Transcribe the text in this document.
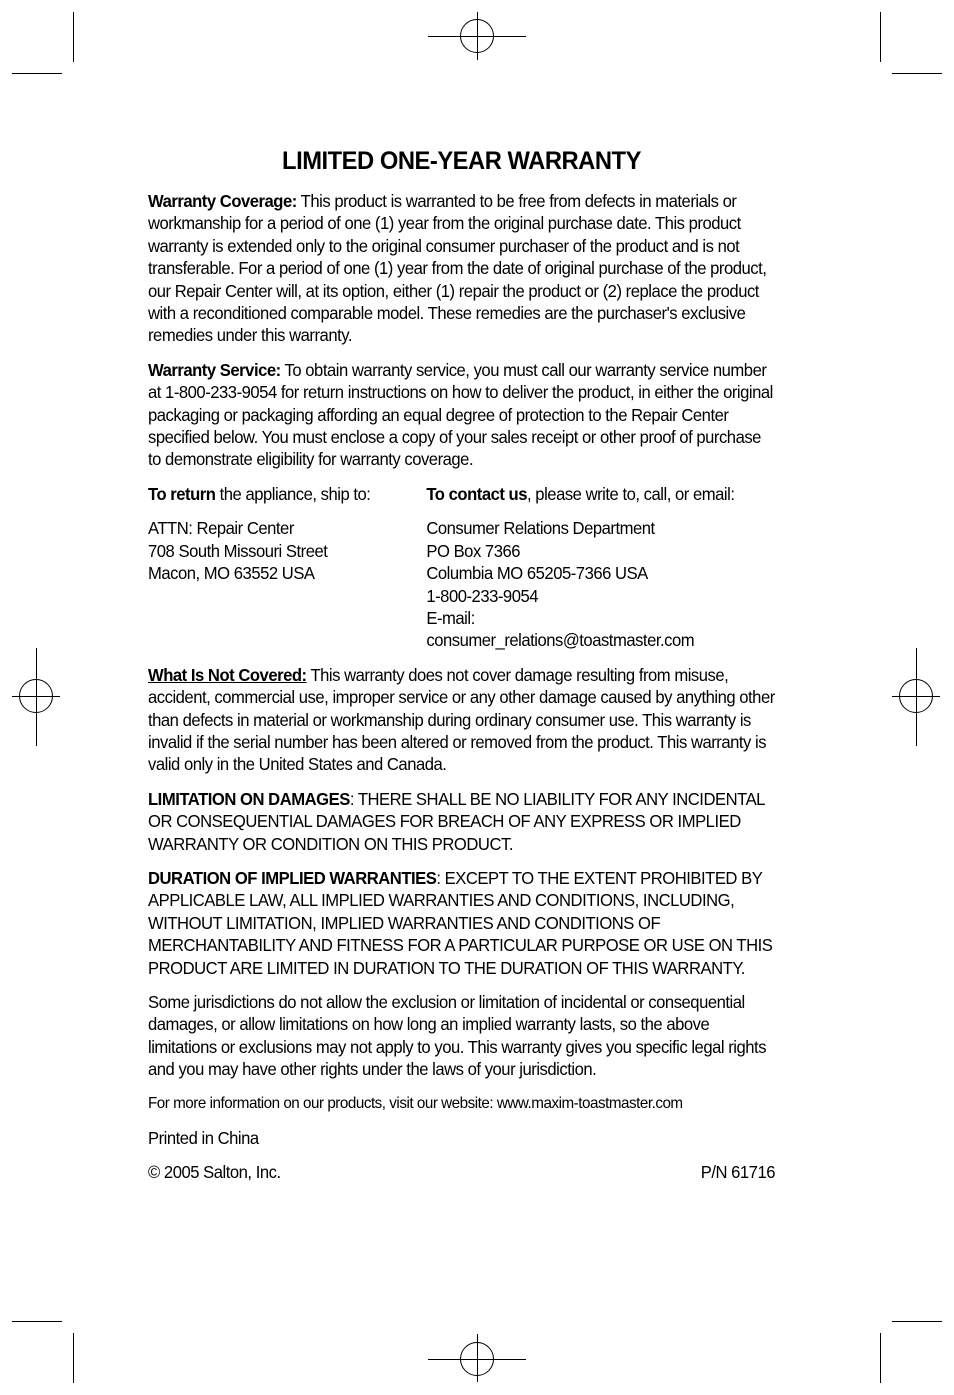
LIMITED ONE-YEAR WARRANTY

Warranty Coverage: This product is warranted to be free from defects in materials or workmanship for a period of one (1) year from the original purchase date. This product warranty is extended only to the original consumer purchaser of the product and is not transferable. For a period of one (1) year from the date of original purchase of the product, our Repair Center will, at its option, either (1) repair the product or (2) replace the product with a reconditioned comparable model. These remedies are the purchaser's exclusive remedies under this warranty.

Warranty Service: To obtain warranty service, you must call our warranty service number at 1-800-233-9054 for return instructions on how to deliver the product, in either the original packaging or packaging affording an equal degree of protection to the Repair Center specified below. You must enclose a copy of your sales receipt or other proof of purchase to demonstrate eligibility for warranty coverage.

To return the appliance, ship to:
ATTN: Repair Center
708 South Missouri Street
Macon, MO 63552 USA
To contact us, please write to, call, or email:
Consumer Relations Department
PO Box 7366
Columbia MO 65205-7366 USA
1-800-233-9054
E-mail:
consumer_relations@toastmaster.com

What Is Not Covered: This warranty does not cover damage resulting from misuse, accident, commercial use, improper service or any other damage caused by anything other than defects in material or workmanship during ordinary consumer use. This warranty is invalid if the serial number has been altered or removed from the product. This warranty is valid only in the United States and Canada.

LIMITATION ON DAMAGES: THERE SHALL BE NO LIABILITY FOR ANY INCIDENTAL OR CONSEQUENTIAL DAMAGES FOR BREACH OF ANY EXPRESS OR IMPLIED WARRANTY OR CONDITION ON THIS PRODUCT.

DURATION OF IMPLIED WARRANTIES: EXCEPT TO THE EXTENT PROHIBITED BY APPLICABLE LAW, ALL IMPLIED WARRANTIES AND CONDITIONS, INCLUDING, WITHOUT LIMITATION, IMPLIED WARRANTIES AND CONDITIONS OF MERCHANTABILITY AND FITNESS FOR A PARTICULAR PURPOSE OR USE ON THIS PRODUCT ARE LIMITED IN DURATION TO THE DURATION OF THIS WARRANTY.

Some jurisdictions do not allow the exclusion or limitation of incidental or consequential damages, or allow limitations on how long an implied warranty lasts, so the above limitations or exclusions may not apply to you. This warranty gives you specific legal rights and you may have other rights under the laws of your jurisdiction.

For more information on our products, visit our website: www.maxim-toastmaster.com

Printed in China

© 2005 Salton, Inc.	P/N 61716
